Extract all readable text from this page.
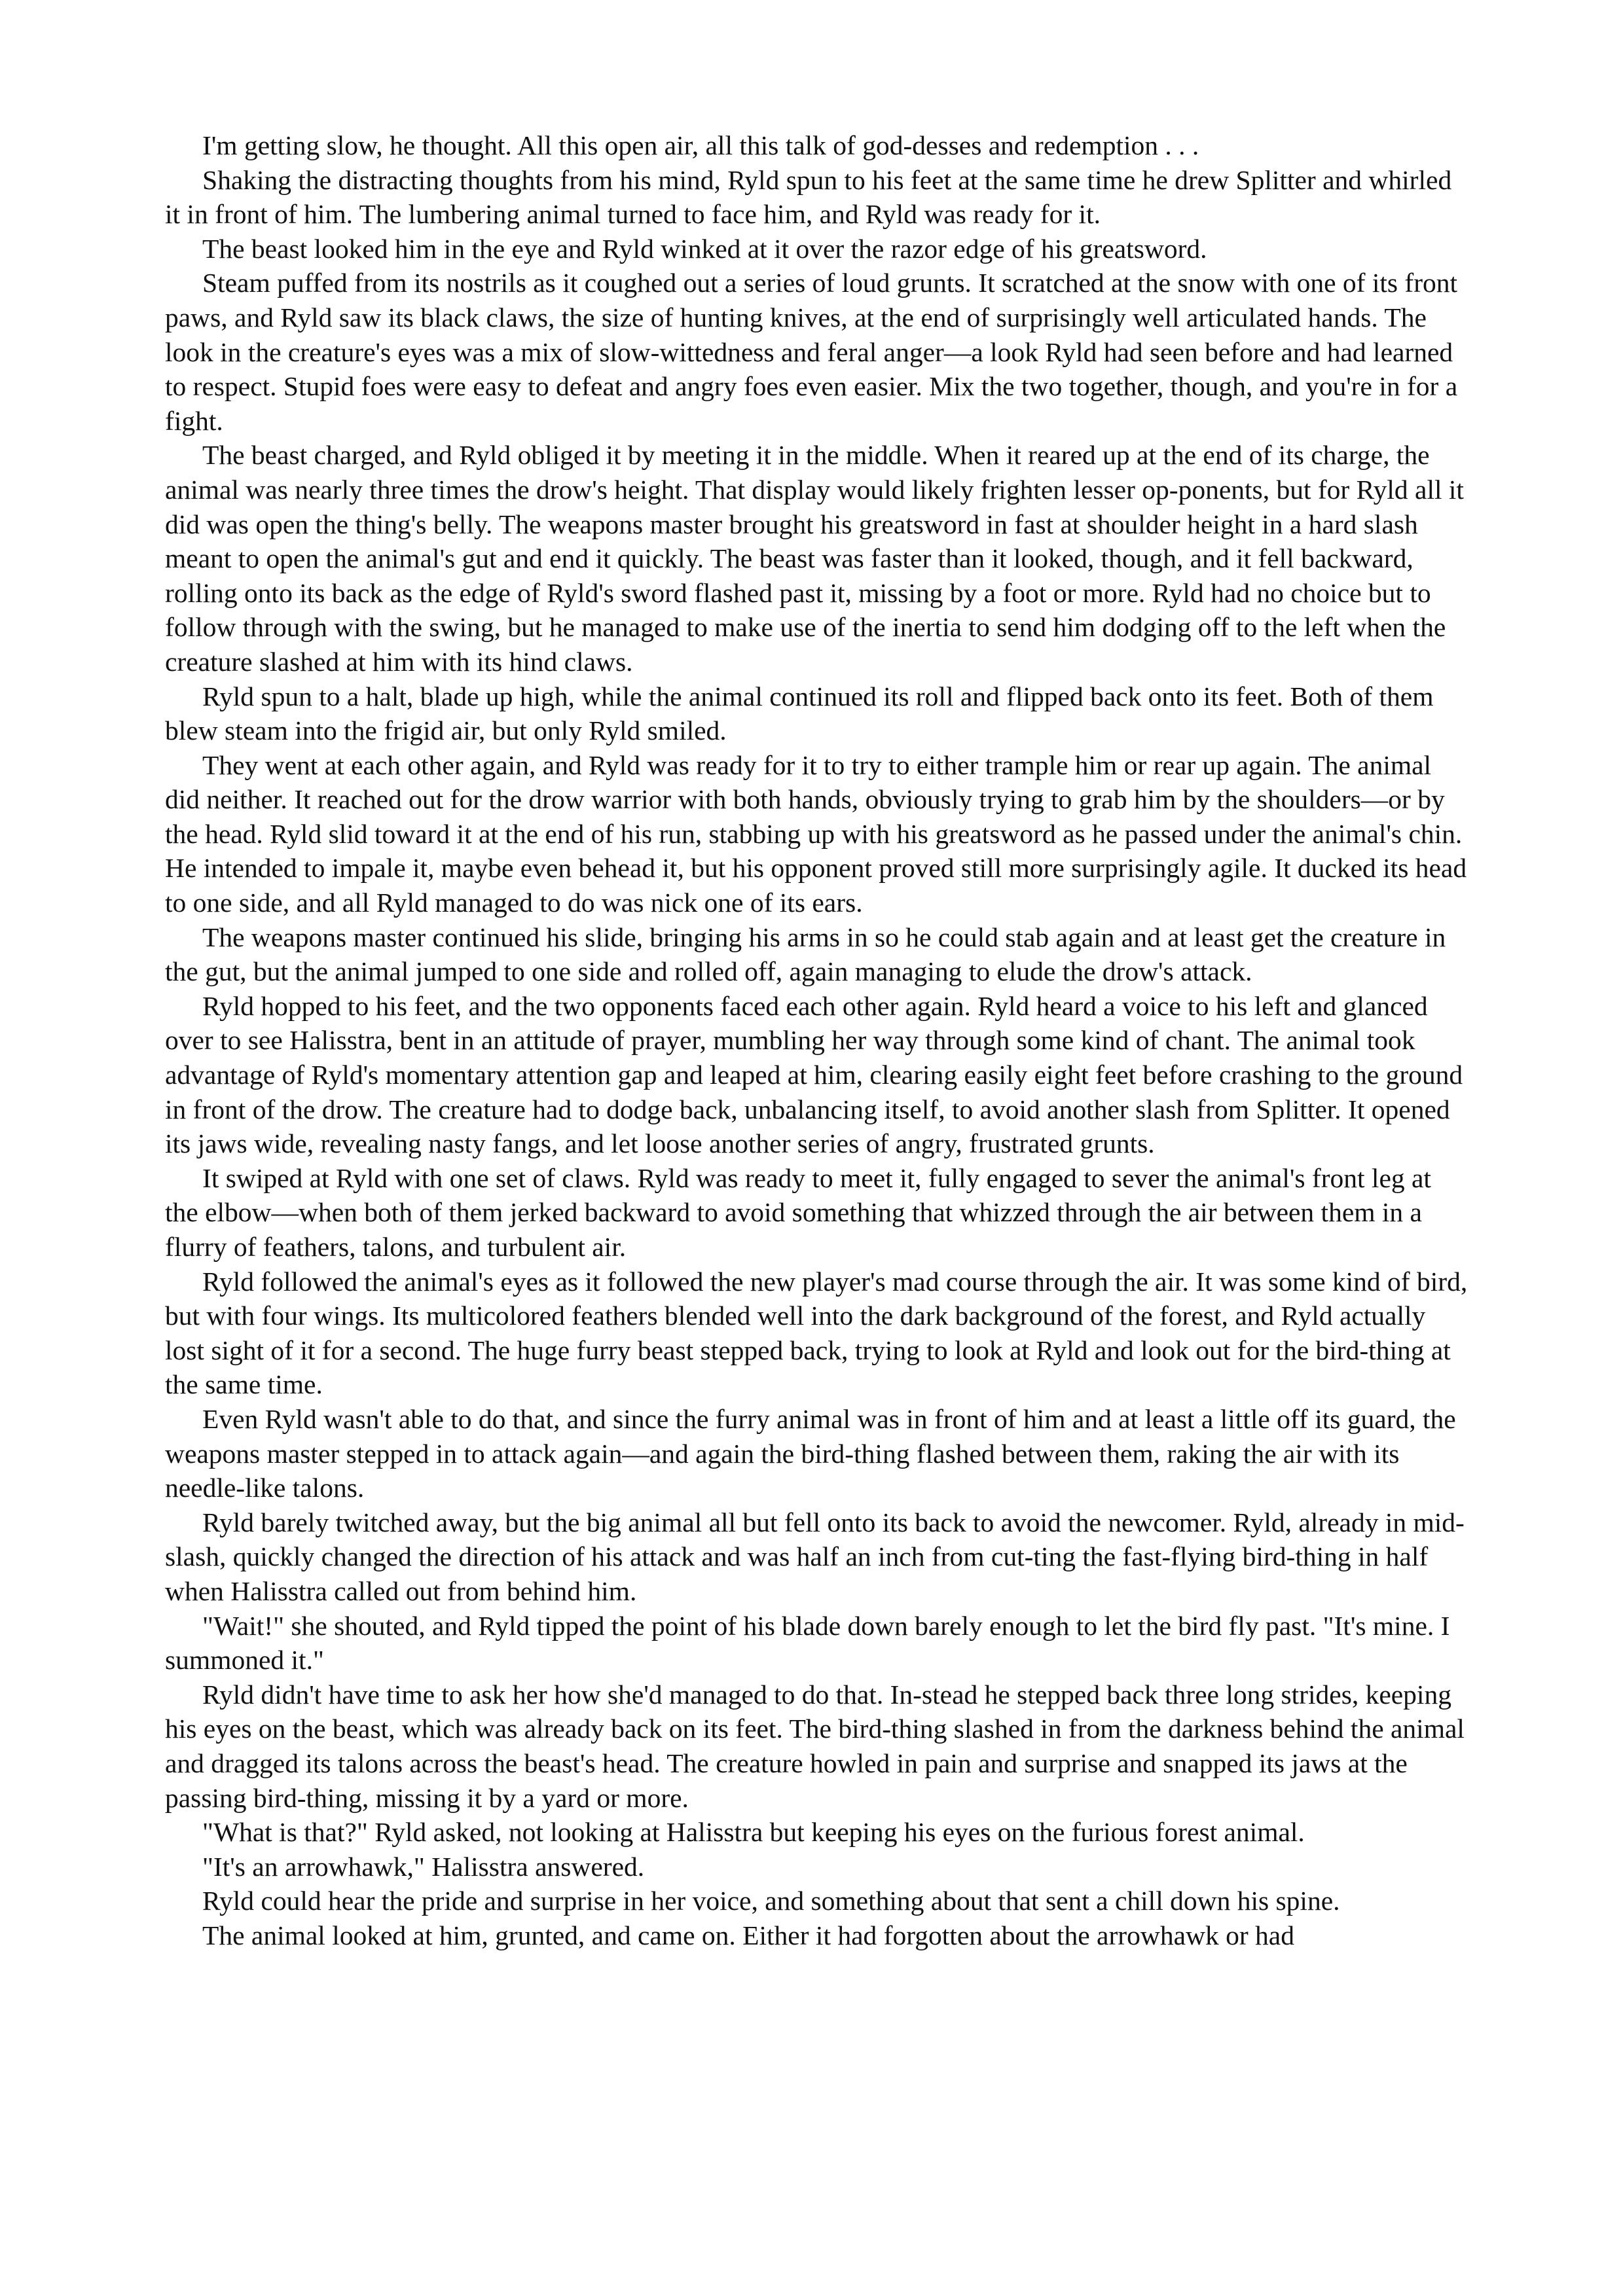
I'm getting slow, he thought. All this open air, all this talk of god-desses and redemption . . .

Shaking the distracting thoughts from his mind, Ryld spun to his feet at the same time he drew Splitter and whirled it in front of him. The lumbering animal turned to face him, and Ryld was ready for it.

The beast looked him in the eye and Ryld winked at it over the razor edge of his greatsword.

Steam puffed from its nostrils as it coughed out a series of loud grunts. It scratched at the snow with one of its front paws, and Ryld saw its black claws, the size of hunting knives, at the end of surprisingly well articulated hands. The look in the creature's eyes was a mix of slow-wittedness and feral anger—a look Ryld had seen before and had learned to respect. Stupid foes were easy to defeat and angry foes even easier. Mix the two together, though, and you're in for a fight.

The beast charged, and Ryld obliged it by meeting it in the middle. When it reared up at the end of its charge, the animal was nearly three times the drow's height. That display would likely frighten lesser op-ponents, but for Ryld all it did was open the thing's belly. The weapons master brought his greatsword in fast at shoulder height in a hard slash meant to open the animal's gut and end it quickly. The beast was faster than it looked, though, and it fell backward, rolling onto its back as the edge of Ryld's sword flashed past it, missing by a foot or more. Ryld had no choice but to follow through with the swing, but he managed to make use of the inertia to send him dodging off to the left when the creature slashed at him with its hind claws.

Ryld spun to a halt, blade up high, while the animal continued its roll and flipped back onto its feet. Both of them blew steam into the frigid air, but only Ryld smiled.

They went at each other again, and Ryld was ready for it to try to either trample him or rear up again. The animal did neither. It reached out for the drow warrior with both hands, obviously trying to grab him by the shoulders—or by the head. Ryld slid toward it at the end of his run, stabbing up with his greatsword as he passed under the animal's chin. He intended to impale it, maybe even behead it, but his opponent proved still more surprisingly agile. It ducked its head to one side, and all Ryld managed to do was nick one of its ears.

The weapons master continued his slide, bringing his arms in so he could stab again and at least get the creature in the gut, but the animal jumped to one side and rolled off, again managing to elude the drow's attack.

Ryld hopped to his feet, and the two opponents faced each other again. Ryld heard a voice to his left and glanced over to see Halisstra, bent in an attitude of prayer, mumbling her way through some kind of chant. The animal took advantage of Ryld's momentary attention gap and leaped at him, clearing easily eight feet before crashing to the ground in front of the drow. The creature had to dodge back, unbalancing itself, to avoid another slash from Splitter. It opened its jaws wide, revealing nasty fangs, and let loose another series of angry, frustrated grunts.

It swiped at Ryld with one set of claws. Ryld was ready to meet it, fully engaged to sever the animal's front leg at the elbow—when both of them jerked backward to avoid something that whizzed through the air between them in a flurry of feathers, talons, and turbulent air.

Ryld followed the animal's eyes as it followed the new player's mad course through the air. It was some kind of bird, but with four wings. Its multicolored feathers blended well into the dark background of the forest, and Ryld actually lost sight of it for a second. The huge furry beast stepped back, trying to look at Ryld and look out for the bird-thing at the same time.

Even Ryld wasn't able to do that, and since the furry animal was in front of him and at least a little off its guard, the weapons master stepped in to attack again—and again the bird-thing flashed between them, raking the air with its needle-like talons.

Ryld barely twitched away, but the big animal all but fell onto its back to avoid the newcomer. Ryld, already in mid-slash, quickly changed the direction of his attack and was half an inch from cut-ting the fast-flying bird-thing in half when Halisstra called out from behind him.

"Wait!" she shouted, and Ryld tipped the point of his blade down barely enough to let the bird fly past. "It's mine. I summoned it."

Ryld didn't have time to ask her how she'd managed to do that. In-stead he stepped back three long strides, keeping his eyes on the beast, which was already back on its feet. The bird-thing slashed in from the darkness behind the animal and dragged its talons across the beast's head. The creature howled in pain and surprise and snapped its jaws at the passing bird-thing, missing it by a yard or more.

"What is that?" Ryld asked, not looking at Halisstra but keeping his eyes on the furious forest animal.

"It's an arrowhawk," Halisstra answered.

Ryld could hear the pride and surprise in her voice, and something about that sent a chill down his spine.

The animal looked at him, grunted, and came on. Either it had forgotten about the arrowhawk or had
